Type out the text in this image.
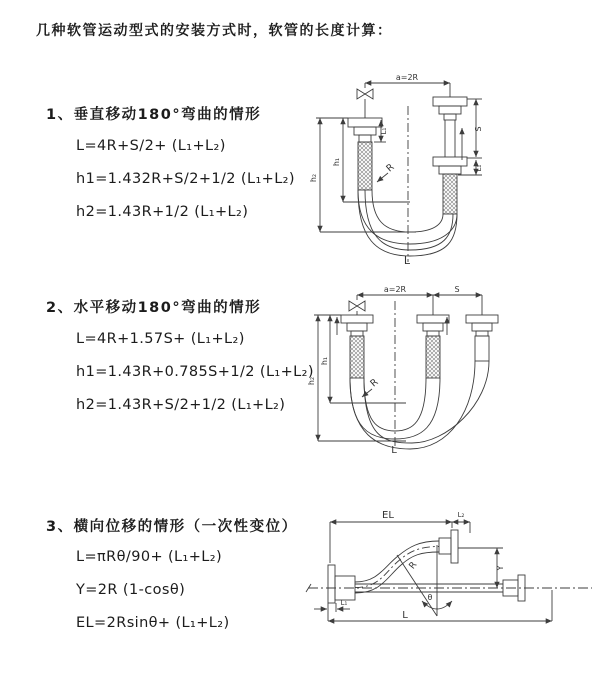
几种软管运动型式的安装方式时，软管的长度计算：
1、垂直移动180°弯曲的情形
L=4R+S/2+ (L₁+L₂)
h1=1.432R+S/2+1/2 (L₁+L₂)
h2=1.43R+1/2 (L₁+L₂)
2、水平移动180°弯曲的情形
L=4R+1.57S+ (L₁+L₂)
h1=1.43R+0.785S+1/2 (L₁+L₂)
h2=1.43R+S/2+1/2 (L₁+L₂)
3、横向位移的情形（一次性变位）
L=πRθ/90+ (L₁+L₂)
Y=2R (1-cosθ)
EL=2Rsinθ+ (L₁+L₂)
a=2R
h₁
h₂
S
L₁
L₁
R
L
a=2R	S
h₁
h₂	R
L
EL	L₂
Y
R
θ
L₁
L
